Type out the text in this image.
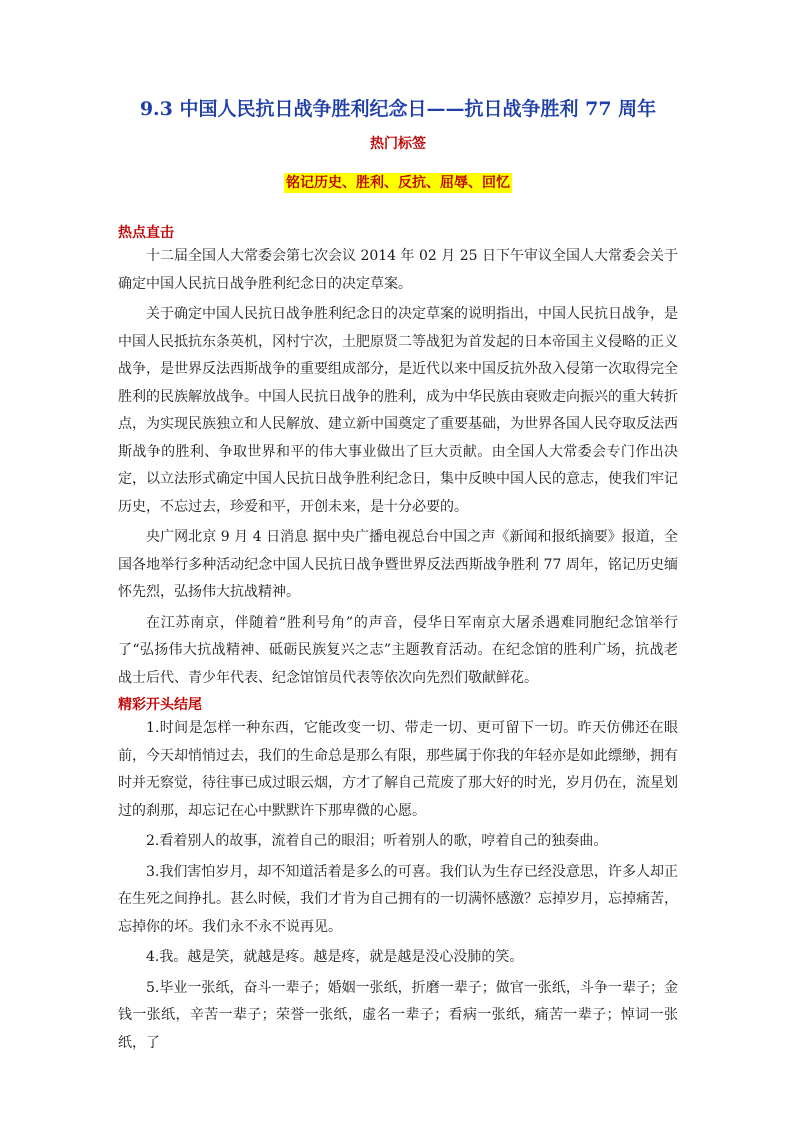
9.3 中国人民抗日战争胜利纪念日——抗日战争胜利 77 周年
热门标签
铭记历史、胜利、反抗、屈辱、回忆
热点直击

十二届全国人大常委会第七次会议 2014 年 02 月 25 日下午审议全国人大常委会关于确定中国人民抗日战争胜利纪念日的决定草案。

关于确定中国人民抗日战争胜利纪念日的决定草案的说明指出，中国人民抗日战争，是中国人民抵抗东条英机，冈村宁次，土肥原贤二等战犯为首发起的日本帝国主义侵略的正义战争，是世界反法西斯战争的重要组成部分，是近代以来中国反抗外敌入侵第一次取得完全胜利的民族解放战争。中国人民抗日战争的胜利，成为中华民族由衰败走向振兴的重大转折点，为实现民族独立和人民解放、建立新中国奠定了重要基础，为世界各国人民夺取反法西斯战争的胜利、争取世界和平的伟大事业做出了巨大贡献。由全国人大常委会专门作出决定，以立法形式确定中国人民抗日战争胜利纪念日，集中反映中国人民的意志，使我们牢记历史，不忘过去，珍爱和平，开创未来，是十分必要的。

央广网北京 9 月 4 日消息 据中央广播电视总台中国之声《新闻和报纸摘要》报道，全国各地举行多种活动纪念中国人民抗日战争暨世界反法西斯战争胜利 77 周年，铭记历史缅怀先烈，弘扬伟大抗战精神。

在江苏南京，伴随着“胜利号角”的声音，侵华日军南京大屠杀遇难同胞纪念馆举行了“弘扬伟大抗战精神、砥砺民族复兴之志”主题教育活动。在纪念馆的胜利广场，抗战老战士后代、青少年代表、纪念馆馆员代表等依次向先烈们敬献鲜花。

精彩开头结尾

1.时间是怎样一种东西，它能改变一切、带走一切、更可留下一切。昨天仿佛还在眼前，今天却悄悄过去，我们的生命总是那么有限，那些属于你我的年轻亦是如此缥缈，拥有时并无察觉，待往事已成过眼云烟，方才了解自己荒废了那大好的时光，岁月仍在，流星划过的刹那，却忘记在心中默默许下那卑微的心愿。

2.看着别人的故事，流着自己的眼泪；听着别人的歌，哼着自己的独奏曲。

3.我们害怕岁月，却不知道活着是多么的可喜。我们认为生存已经没意思，许多人却正在生死之间挣扎。甚么时候，我们才肯为自己拥有的一切满怀感激？忘掉岁月，忘掉痛苦，忘掉你的坏。我们永不永不说再见。

4.我。越是笑，就越是疼。越是疼，就是越是没心没肺的笑。

5.毕业一张纸，奋斗一辈子；婚姻一张纸，折磨一辈子；做官一张纸，斗争一辈子；金钱一张纸，辛苦一辈子；荣誉一张纸，虚名一辈子；看病一张纸，痛苦一辈子；悼词一张纸，了
